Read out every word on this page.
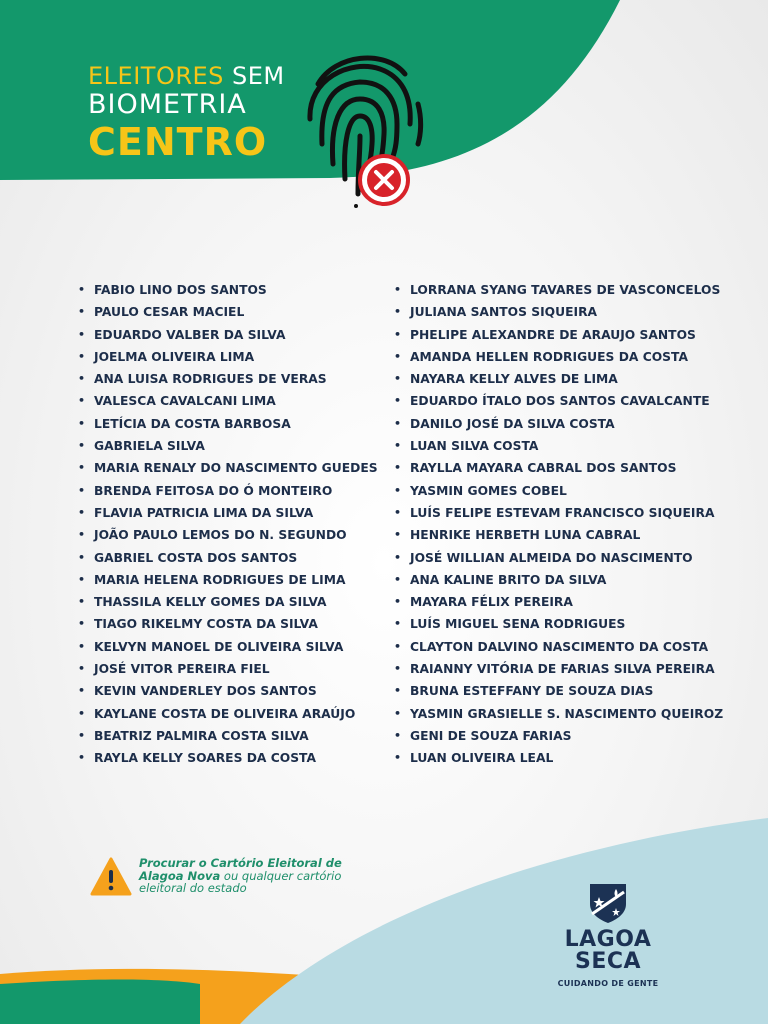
ELEITORES SEM
BIOMETRIA
CENTRO
• FABIO LINO DOS SANTOS
• PAULO CESAR MACIEL
• EDUARDO VALBER DA SILVA
• JOELMA OLIVEIRA LIMA
• ANA LUISA RODRIGUES DE VERAS
• VALESCA CAVALCANI LIMA
• LETÍCIA DA COSTA BARBOSA
• GABRIELA SILVA
• MARIA RENALY DO NASCIMENTO GUEDES
• BRENDA FEITOSA DO Ó MONTEIRO
• FLAVIA PATRICIA LIMA DA SILVA
• JOÃO PAULO LEMOS DO N. SEGUNDO
• GABRIEL COSTA DOS SANTOS
• MARIA HELENA RODRIGUES DE LIMA
• THASSILA KELLY GOMES DA SILVA
• TIAGO RIKELMY COSTA DA SILVA
• KELVYN MANOEL DE OLIVEIRA SILVA
• JOSÉ VITOR PEREIRA FIEL
• KEVIN VANDERLEY DOS SANTOS
• KAYLANE COSTA DE OLIVEIRA ARAÚJO
• BEATRIZ PALMIRA COSTA SILVA
• RAYLA KELLY SOARES DA COSTA
• LORRANA SYANG TAVARES DE VASCONCELOS
• JULIANA SANTOS SIQUEIRA
• PHELIPE ALEXANDRE DE ARAUJO SANTOS
• AMANDA HELLEN RODRIGUES DA COSTA
• NAYARA KELLY ALVES DE LIMA
• EDUARDO ÍTALO DOS SANTOS CAVALCANTE
• DANILO JOSÉ DA SILVA COSTA
• LUAN SILVA COSTA
• RAYLLA MAYARA CABRAL DOS SANTOS
• YASMIN GOMES COBEL
• LUÍS FELIPE ESTEVAM FRANCISCO SIQUEIRA
• HENRIKE HERBETH LUNA CABRAL
• JOSÉ WILLIAN ALMEIDA DO NASCIMENTO
• ANA KALINE BRITO DA SILVA
• MAYARA FÉLIX PEREIRA
• LUÍS MIGUEL SENA RODRIGUES
• CLAYTON DALVINO NASCIMENTO DA COSTA
• RAIANNY VITÓRIA DE FARIAS SILVA PEREIRA
• BRUNA ESTEFFANY DE SOUZA DIAS
• YASMIN GRASIELLE S. NASCIMENTO QUEIROZ
• GENI DE SOUZA FARIAS
• LUAN OLIVEIRA LEAL
Procurar o Cartório Eleitoral de Alagoa Nova ou qualquer cartório eleitoral do estado
LAGOA
SECA
CUIDANDO DE GENTE
